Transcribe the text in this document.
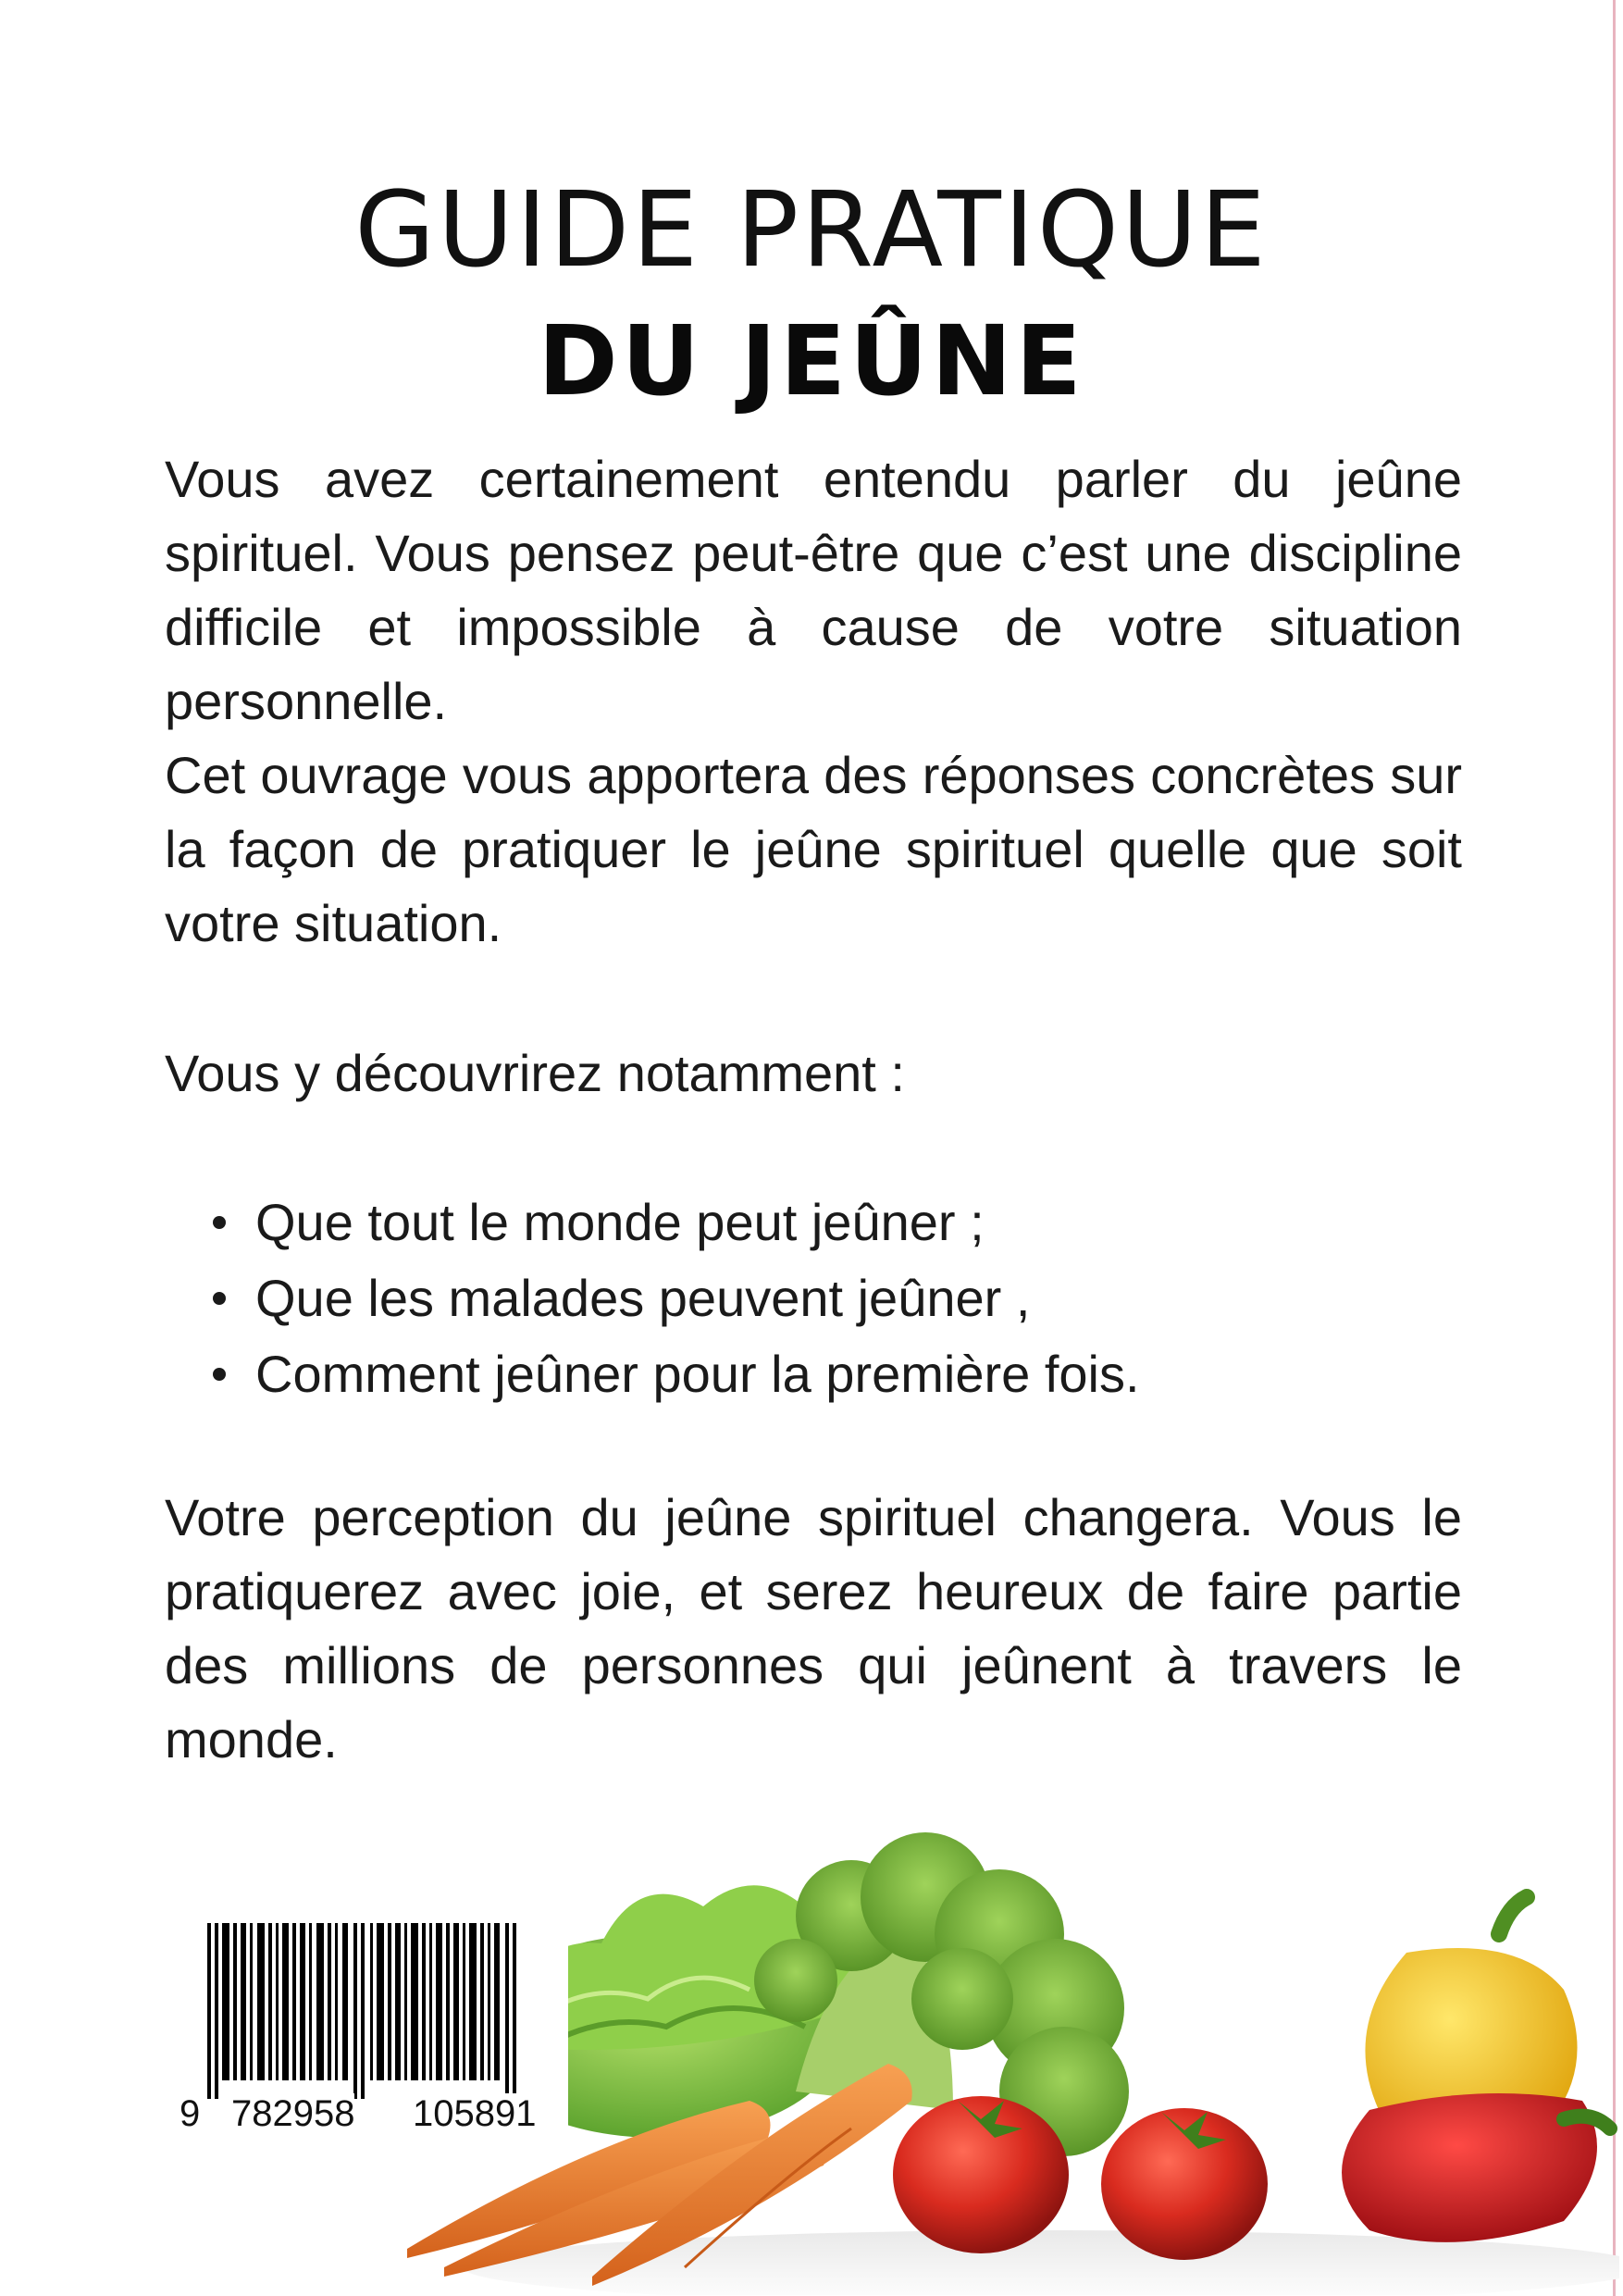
GUIDE PRATIQUE
DU JEÛNE

Vous avez certainement entendu parler du jeûne spirituel. Vous pensez peut-être que c’est une discipline difficile et impossible à cause de votre situation personnelle.

Cet ouvrage vous apportera des réponses concrètes sur la façon de pratiquer le jeûne spirituel quelle que soit votre situation.

Vous y découvrirez notamment :

Que tout le monde peut jeûner ;
Que les malades peuvent jeûner ,
Comment jeûner pour la première fois.

Votre perception du jeûne spirituel changera. Vous le pratiquerez avec joie, et serez heureux de faire partie des millions de personnes qui jeûnent à travers le monde.

9 782958 105891
